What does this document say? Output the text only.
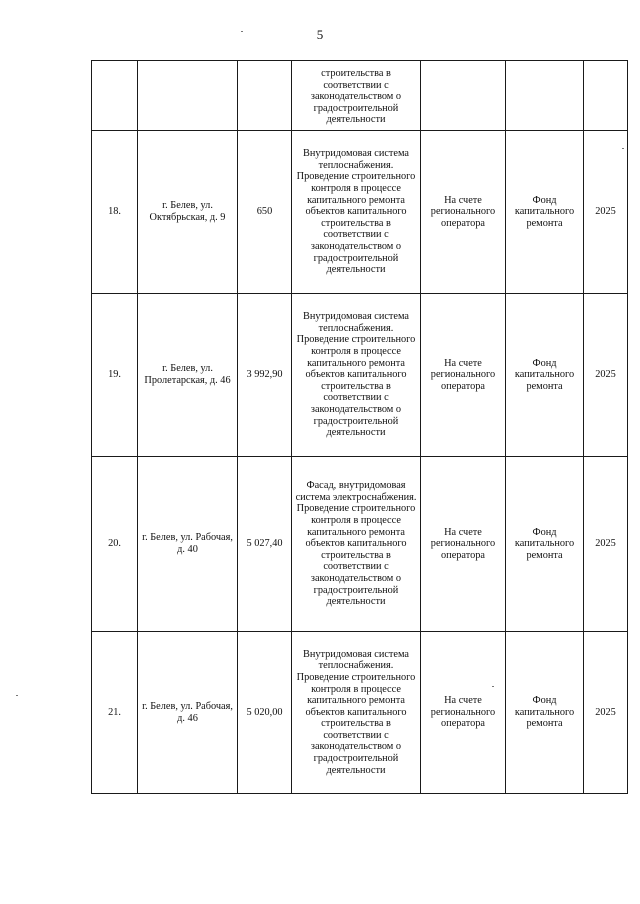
5
			строительства в соответствии с законодательством о градостроительной деятельности			
18.	г. Белев, ул. Октябрьская, д. 9	650	Внутридомовая система теплоснабжения. Проведение строительного контроля в процессе капитального ремонта объектов капитального строительства в соответствии с законодательством о градостроительной деятельности	На счете регионального оператора	Фонд капитального ремонта	2025
19.	г. Белев, ул. Пролетарская, д. 46	3 992,90	Внутридомовая система теплоснабжения. Проведение строительного контроля в процессе капитального ремонта объектов капитального строительства в соответствии с законодательством о градостроительной деятельности	На счете регионального оператора	Фонд капитального ремонта	2025
20.	г. Белев, ул. Рабочая, д. 40	5 027,40	Фасад, внутридомовая система электроснабжения. Проведение строительного контроля в процессе капитального ремонта объектов капитального строительства в соответствии с законодательством о градостроительной деятельности	На счете регионального оператора	Фонд капитального ремонта	2025
21.	г. Белев, ул. Рабочая, д. 46	5 020,00	Внутридомовая система теплоснабжения. Проведение строительного контроля в процессе капитального ремонта объектов капитального строительства в соответствии с законодательством о градостроительной деятельности	На счете регионального оператора	Фонд капитального ремонта	2025
